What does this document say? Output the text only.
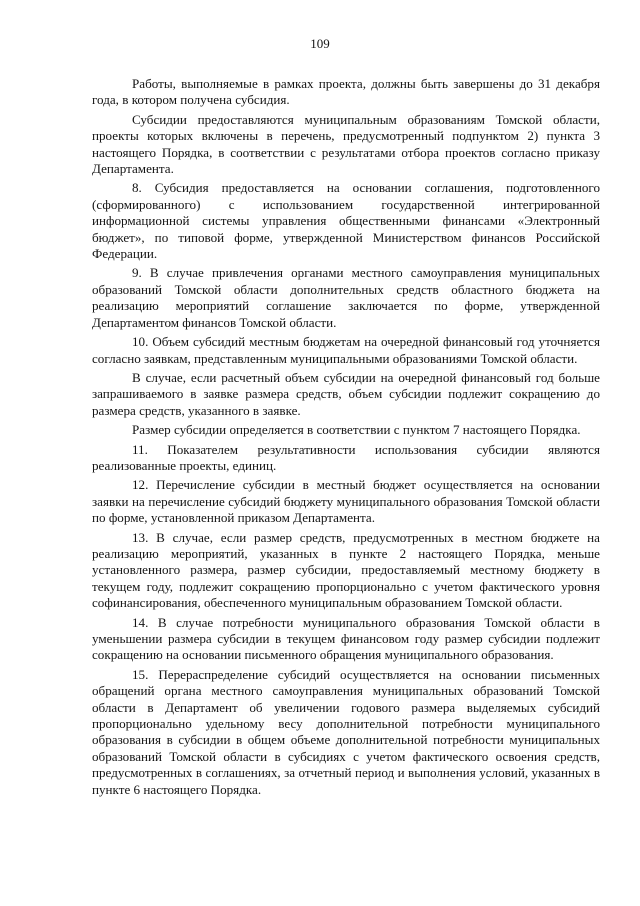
109

Работы, выполняемые в рамках проекта, должны быть завершены до 31 декабря года, в котором получена субсидия.

Субсидии предоставляются муниципальным образованиям Томской области, проекты которых включены в перечень, предусмотренный подпунктом 2) пункта 3 настоящего Порядка, в соответствии с результатами отбора проектов согласно приказу Департамента.

8. Субсидия предоставляется на основании соглашения, подготовленного (сформированного) с использованием государственной интегрированной информационной системы управления общественными финансами «Электронный бюджет», по типовой форме, утвержденной Министерством финансов Российской Федерации.

9. В случае привлечения органами местного самоуправления муниципальных образований Томской области дополнительных средств областного бюджета на реализацию мероприятий соглашение заключается по форме, утвержденной Департаментом финансов Томской области.

10. Объем субсидий местным бюджетам на очередной финансовый год уточняется согласно заявкам, представленным муниципальными образованиями Томской области.

В случае, если расчетный объем субсидии на очередной финансовый год больше запрашиваемого в заявке размера средств, объем субсидии подлежит сокращению до размера средств, указанного в заявке.

Размер субсидии определяется в соответствии с пунктом 7 настоящего Порядка.

11. Показателем результативности использования субсидии являются реализованные проекты, единиц.

12. Перечисление субсидии в местный бюджет осуществляется на основании заявки на перечисление субсидий бюджету муниципального образования Томской области по форме, установленной приказом Департамента.

13. В случае, если размер средств, предусмотренных в местном бюджете на реализацию мероприятий, указанных в пункте 2 настоящего Порядка, меньше установленного размера, размер субсидии, предоставляемый местному бюджету в текущем году, подлежит сокращению пропорционально с учетом фактического уровня софинансирования, обеспеченного муниципальным образованием Томской области.

14. В случае потребности муниципального образования Томской области в уменьшении размера субсидии в текущем финансовом году размер субсидии подлежит сокращению на основании письменного обращения муниципального образования.

15. Перераспределение субсидий осуществляется на основании письменных обращений органа местного самоуправления муниципальных образований Томской области в Департамент об увеличении годового размера выделяемых субсидий пропорционально удельному весу дополнительной потребности муниципального образования в субсидии в общем объеме дополнительной потребности муниципальных образований Томской области в субсидиях с учетом фактического освоения средств, предусмотренных в соглашениях, за отчетный период и выполнения условий, указанных в пункте 6 настоящего Порядка.
